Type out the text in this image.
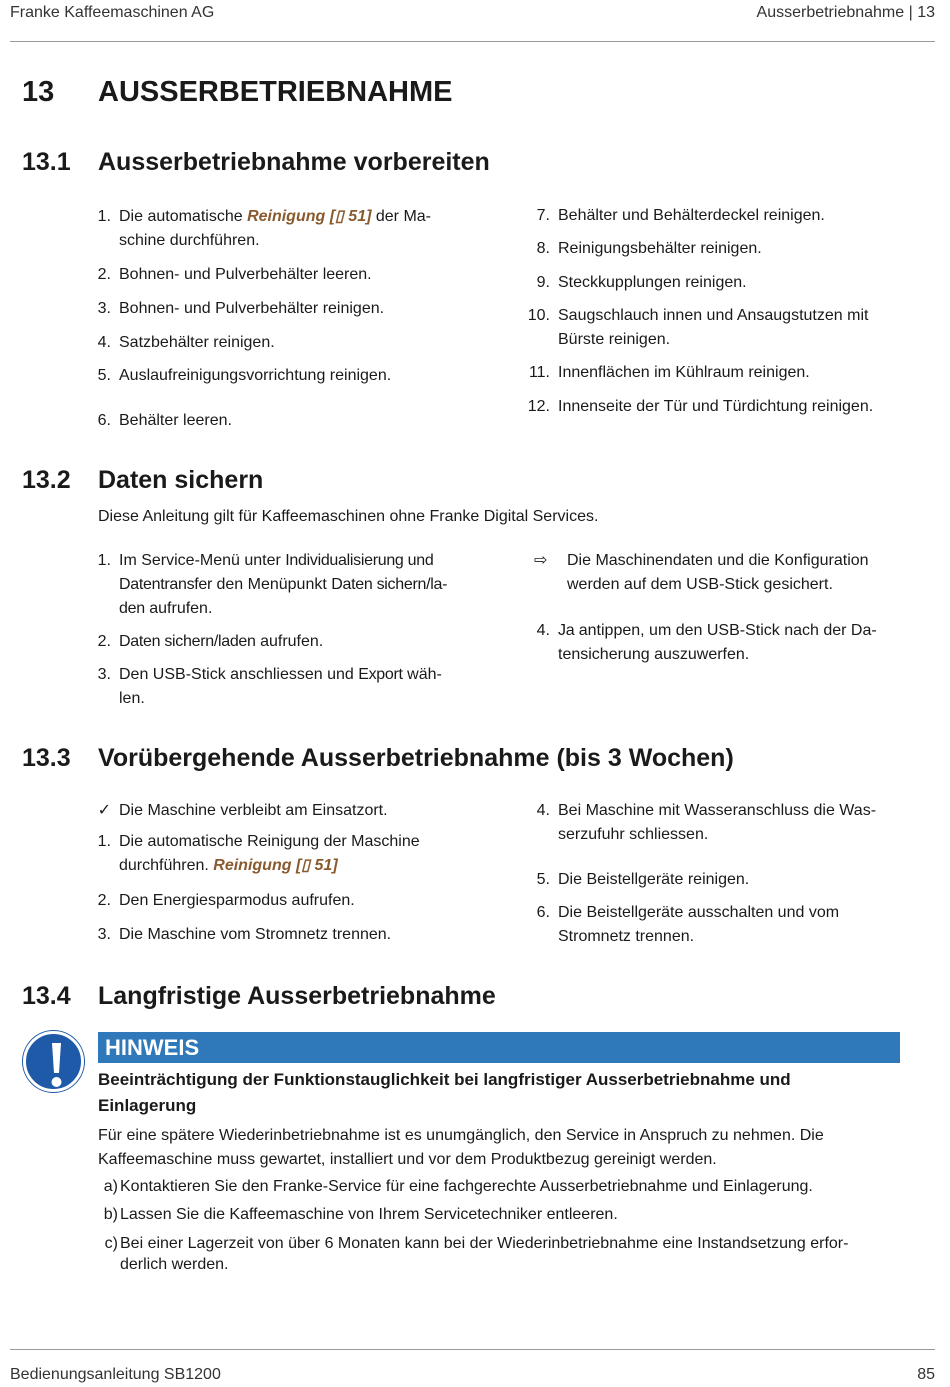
Franke Kaffeemaschinen AG	Ausserbetriebnahme | 13
13 AUSSERBETRIEBNAHME
13.1 Ausserbetriebnahme vorbereiten
1. Die automatische Reinigung [▯ 51] der Ma-
schine durchführen.
2. Bohnen- und Pulverbehälter leeren.
3. Bohnen- und Pulverbehälter reinigen.
4. Satzbehälter reinigen.
5. Auslaufreinigungsvorrichtung reinigen.
6. Behälter leeren.
7. Behälter und Behälterdeckel reinigen.
8. Reinigungsbehälter reinigen.
9. Steckkupplungen reinigen.
10. Saugschlauch innen und Ansaugstutzen mit
Bürste reinigen.
11. Innenflächen im Kühlraum reinigen.
12. Innenseite der Tür und Türdichtung reinigen.
13.2 Daten sichern
Diese Anleitung gilt für Kaffeemaschinen ohne Franke Digital Services.
1. Im Service-Menü unter Individualisierung und
Datentransfer den Menüpunkt Daten sichern/la-
den aufrufen.
2. Daten sichern/laden aufrufen.
3. Den USB-Stick anschliessen und Export wäh-
len.
⇨	Die Maschinendaten und die Konfiguration
werden auf dem USB-Stick gesichert.
4. Ja antippen, um den USB-Stick nach der Da-
tensicherung auszuwerfen.
13.3 Vorübergehende Ausserbetriebnahme (bis 3 Wochen)
✓ Die Maschine verbleibt am Einsatzort.
1. Die automatische Reinigung der Maschine
durchführen. Reinigung [▯ 51]
2. Den Energiesparmodus aufrufen.
3. Die Maschine vom Stromnetz trennen.
4. Bei Maschine mit Wasseranschluss die Was-
serzufuhr schliessen.
5. Die Beistellgeräte reinigen.
6. Die Beistellgeräte ausschalten und vom
Stromnetz trennen.
13.4 Langfristige Ausserbetriebnahme
HINWEIS
Beeinträchtigung der Funktionstauglichkeit bei langfristiger Ausserbetriebnahme und
Einlagerung
Für eine spätere Wiederinbetriebnahme ist es unumgänglich, den Service in Anspruch zu nehmen. Die
Kaffeemaschine muss gewartet, installiert und vor dem Produktbezug gereinigt werden.
a) Kontaktieren Sie den Franke-Service für eine fachgerechte Ausserbetriebnahme und Einlagerung.
b) Lassen Sie die Kaffeemaschine von Ihrem Servicetechniker entleeren.
c) Bei einer Lagerzeit von über 6 Monaten kann bei der Wiederinbetriebnahme eine Instandsetzung erfor-
derlich werden.
Bedienungsanleitung SB1200	85
